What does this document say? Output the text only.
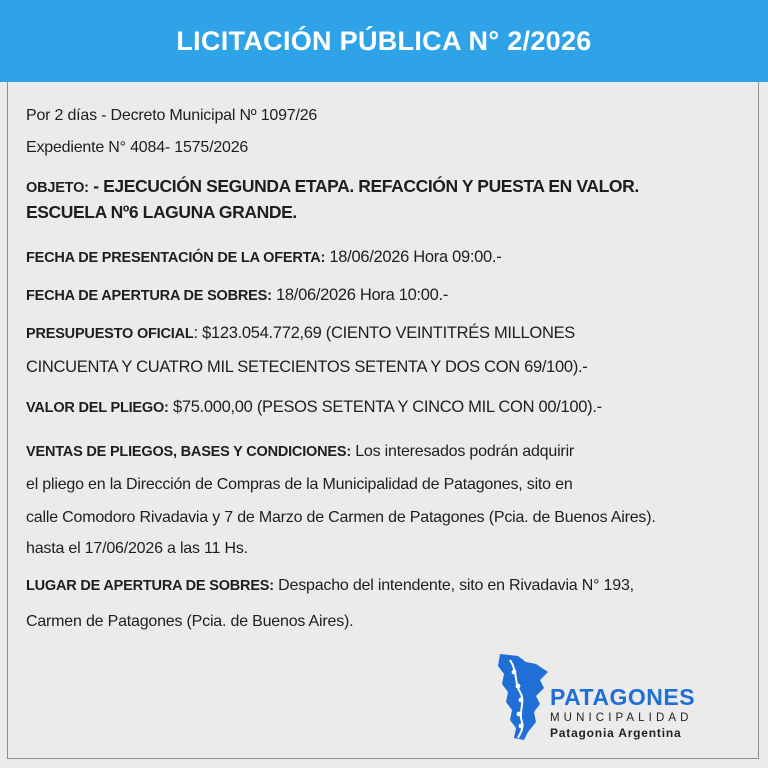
LICITACIÓN PÚBLICA N° 2/2026
Por 2 días - Decreto Municipal Nº 1097/26
Expediente N° 4084- 1575/2026
OBJETO: - EJECUCIÓN SEGUNDA ETAPA. REFACCIÓN Y PUESTA EN VALOR.
ESCUELA Nº6 LAGUNA GRANDE.
FECHA DE PRESENTACIÓN DE LA OFERTA: 18/06/2026 Hora 09:00.-
FECHA DE APERTURA DE SOBRES: 18/06/2026 Hora 10:00.-
PRESUPUESTO OFICIAL: $123.054.772,69 (CIENTO VEINTITRÉS MILLONES
CINCUENTA Y CUATRO MIL SETECIENTOS SETENTA Y DOS CON 69/100).-
VALOR DEL PLIEGO: $75.000,00 (PESOS SETENTA Y CINCO MIL CON 00/100).-
VENTAS DE PLIEGOS, BASES Y CONDICIONES: Los interesados podrán adquirir
el pliego en la Dirección de Compras de la Municipalidad de Patagones, sito en
calle Comodoro Rivadavia y 7 de Marzo de Carmen de Patagones (Pcia. de Buenos Aires).
hasta el 17/06/2026 a las 11 Hs.
LUGAR DE APERTURA DE SOBRES: Despacho del intendente, sito en Rivadavia N° 193,
Carmen de Patagones (Pcia. de Buenos Aires).
PATAGONES
MUNICIPALIDAD
Patagonia Argentina
